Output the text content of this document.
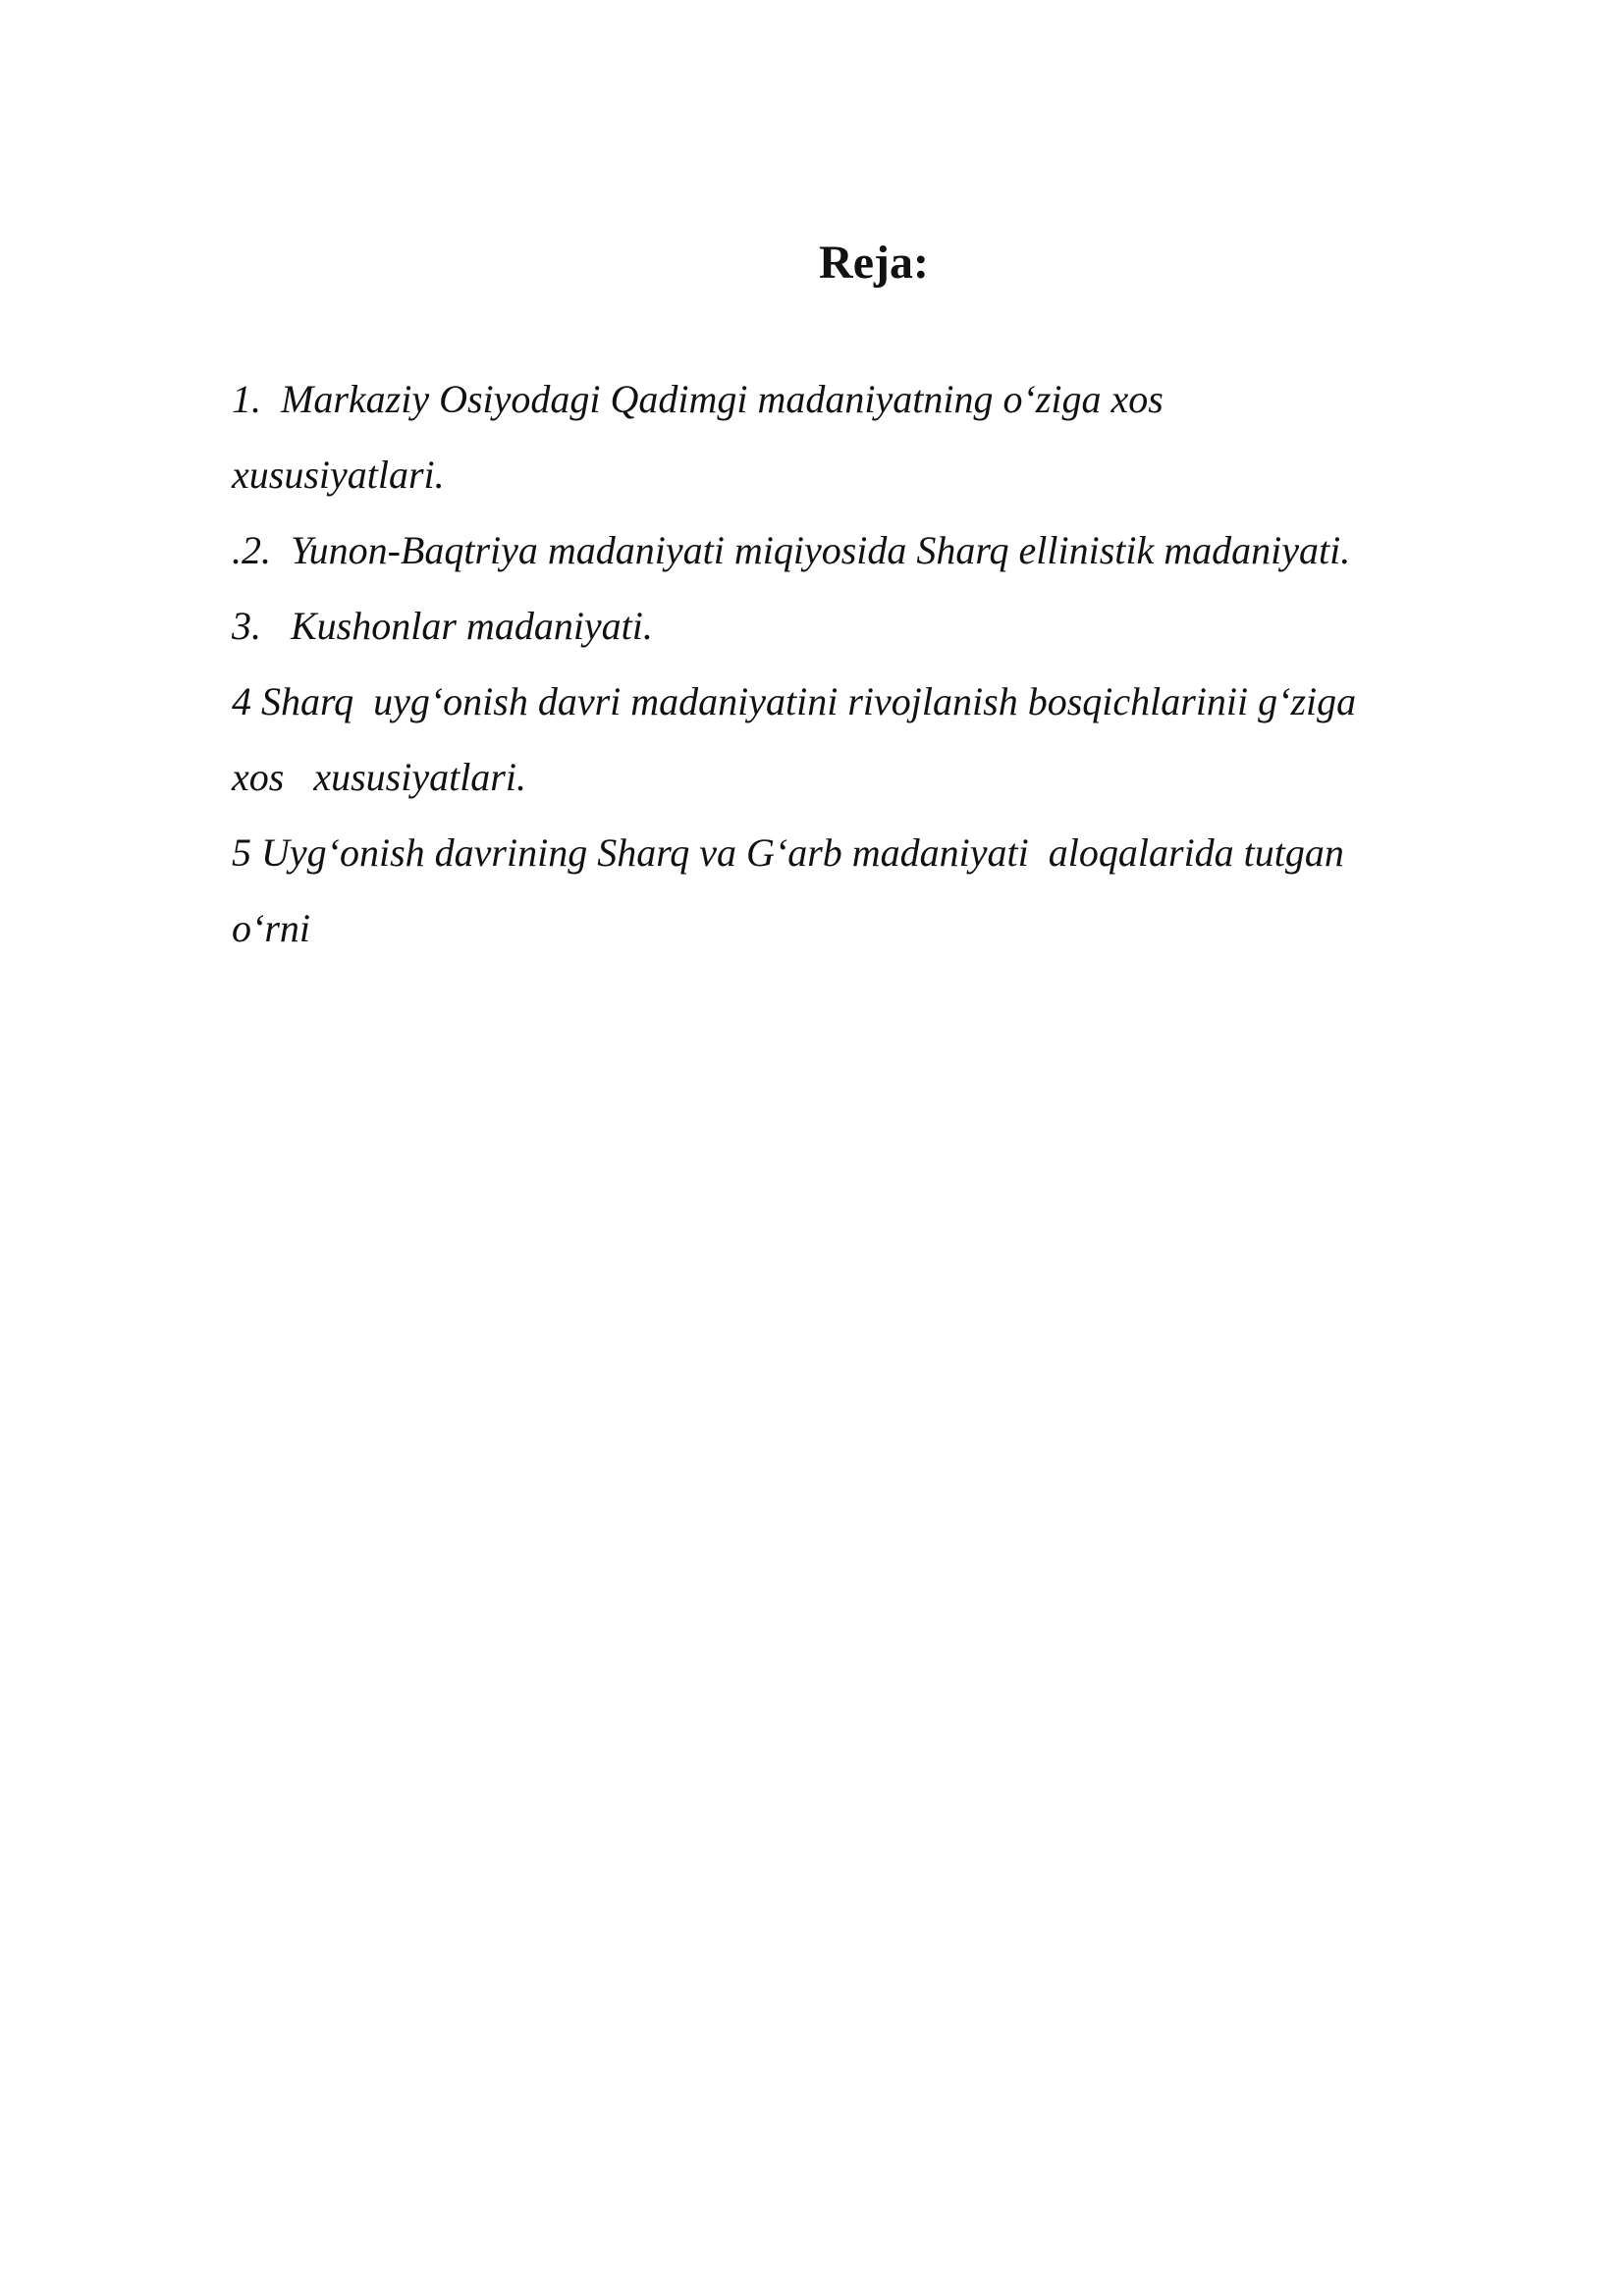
Reja:
1.  Markaziy Osiyodagi Qadimgi madaniyatning o‘ziga xos
xususiyatlari.
.2.  Yunon-Baqtriya madaniyati miqiyosida Sharq ellinistik madaniyati.
3.   Kushonlar madaniyati.
4 Sharq  uyg‘onish davri madaniyatini rivojlanish bosqichlarinii g‘ziga
xos   xususiyatlari.
5 Uyg‘onish davrining Sharq va G‘arb madaniyati  aloqalarida tutgan
o‘rni
